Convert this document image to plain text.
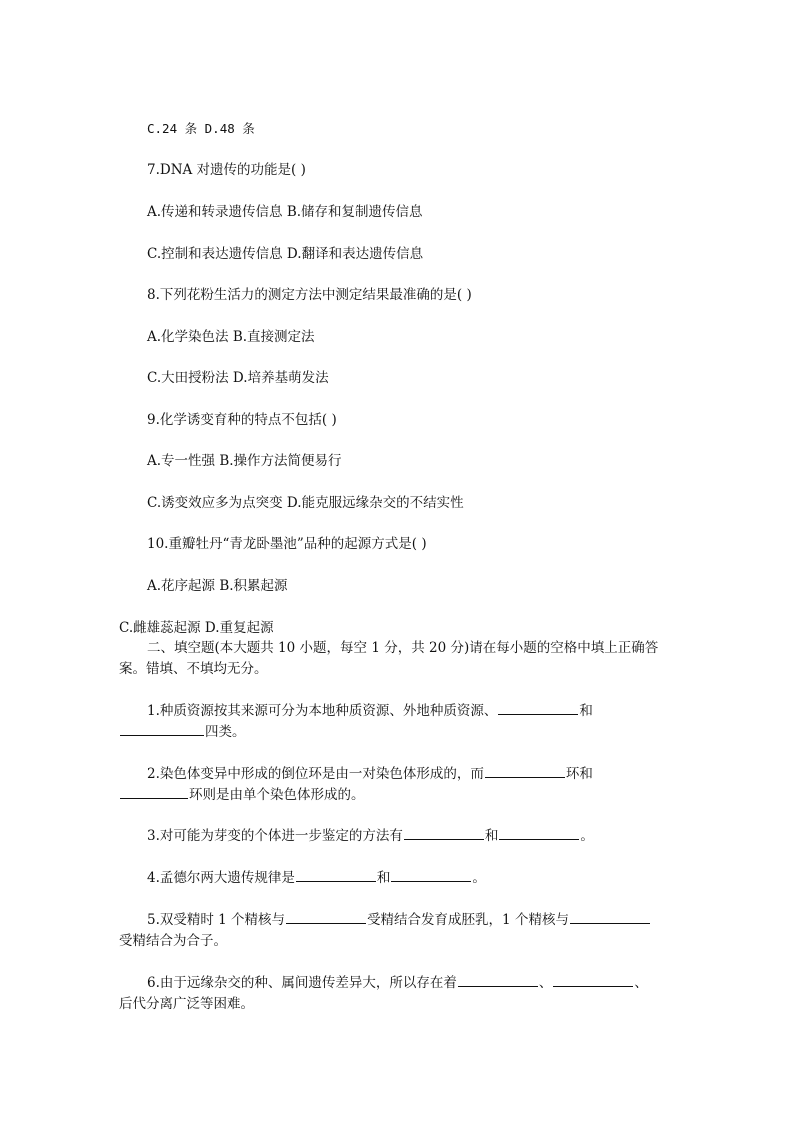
C.24 条 D.48 条
7.DNA 对遗传的功能是( )
A.传递和转录遗传信息 B.储存和复制遗传信息
C.控制和表达遗传信息 D.翻译和表达遗传信息
8.下列花粉生活力的测定方法中测定结果最准确的是( )
A.化学染色法 B.直接测定法
C.大田授粉法 D.培养基萌发法
9.化学诱变育种的特点不包括( )
A.专一性强 B.操作方法简便易行
C.诱变效应多为点突变 D.能克服远缘杂交的不结实性
10.重瓣牡丹“青龙卧墨池”品种的起源方式是( )
A.花序起源 B.积累起源
C.雌雄蕊起源 D.重复起源
二、填空题(本大题共 10 小题，每空 1 分，共 20 分)请在每小题的空格中填上正确答
案。错填、不填均无分。
1.种质资源按其来源可分为本地种质资源、外地种质资源、	和
四类。
2.染色体变异中形成的倒位环是由一对染色体形成的，而	环和
环则是由单个染色体形成的。
3.对可能为芽变的个体进一步鉴定的方法有	和	。
4.孟德尔两大遗传规律是	和	。
5.双受精时 1 个精核与	受精结合发育成胚乳，1 个精核与
受精结合为合子。
6.由于远缘杂交的种、属间遗传差异大，所以存在着	、	、
后代分离广泛等困难。
